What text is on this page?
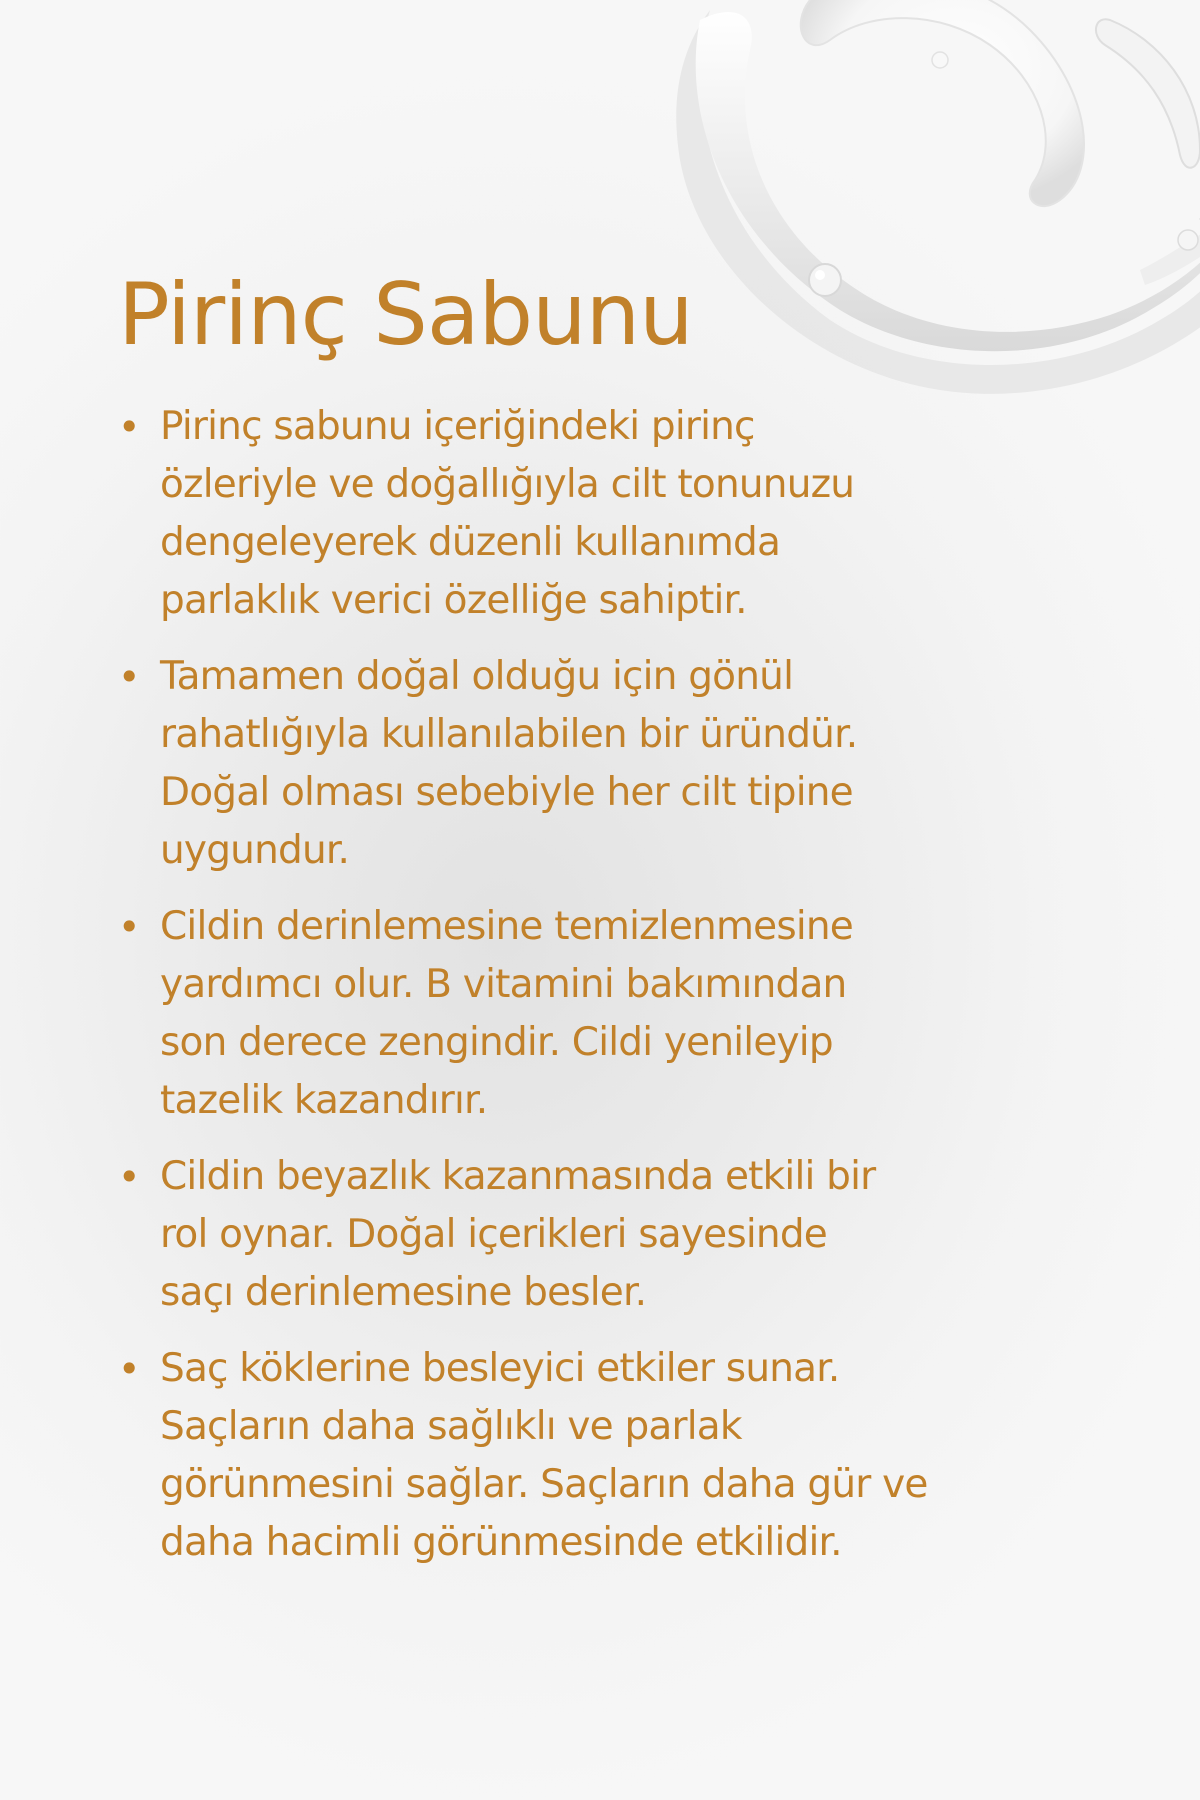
Pirinç Sabunu
• Pirinç sabunu içeriğindeki pirinç
özleriyle ve doğallığıyla cilt tonunuzu
dengeleyerek düzenli kullanımda
parlaklık verici özelliğe sahiptir.
• Tamamen doğal olduğu için gönül
rahatlığıyla kullanılabilen bir üründür.
Doğal olması sebebiyle her cilt tipine
uygundur.
• Cildin derinlemesine temizlenmesine
yardımcı olur. B vitamini bakımından
son derece zengindir. Cildi yenileyip
tazelik kazandırır.
• Cildin beyazlık kazanmasında etkili bir
rol oynar. Doğal içerikleri sayesinde
saçı derinlemesine besler.
• Saç köklerine besleyici etkiler sunar.
Saçların daha sağlıklı ve parlak
görünmesini sağlar. Saçların daha gür ve
daha hacimli görünmesinde etkilidir.
